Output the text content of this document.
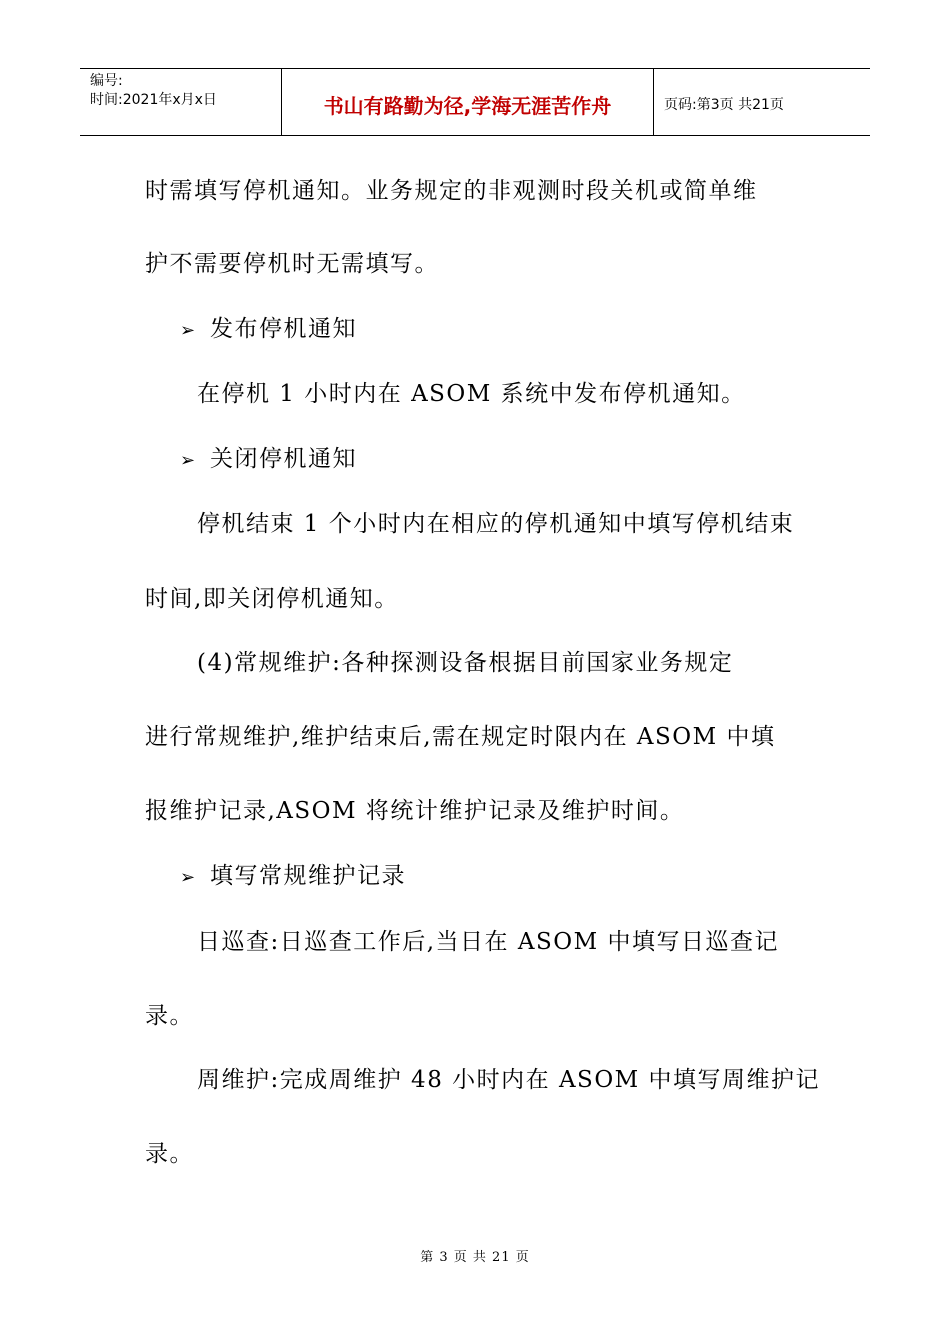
编号:
时间:2021年x月x日	书山有路勤为径,学海无涯苦作舟	页码:第3页 共21页
时需填写停机通知。业务规定的非观测时段关机或简单维
护不需要停机时无需填写。
➢ 发布停机通知
在停机 1 小时内在 ASOM 系统中发布停机通知。
➢ 关闭停机通知
停机结束 1 个小时内在相应的停机通知中填写停机结束
时间,即关闭停机通知。
(4)常规维护:各种探测设备根据目前国家业务规定
进行常规维护,维护结束后,需在规定时限内在 ASOM 中填
报维护记录,ASOM 将统计维护记录及维护时间。
➢ 填写常规维护记录
日巡查:日巡查工作后,当日在 ASOM 中填写日巡查记
录。
周维护:完成周维护 48 小时内在 ASOM 中填写周维护记
录。
第 3 页 共 21 页
